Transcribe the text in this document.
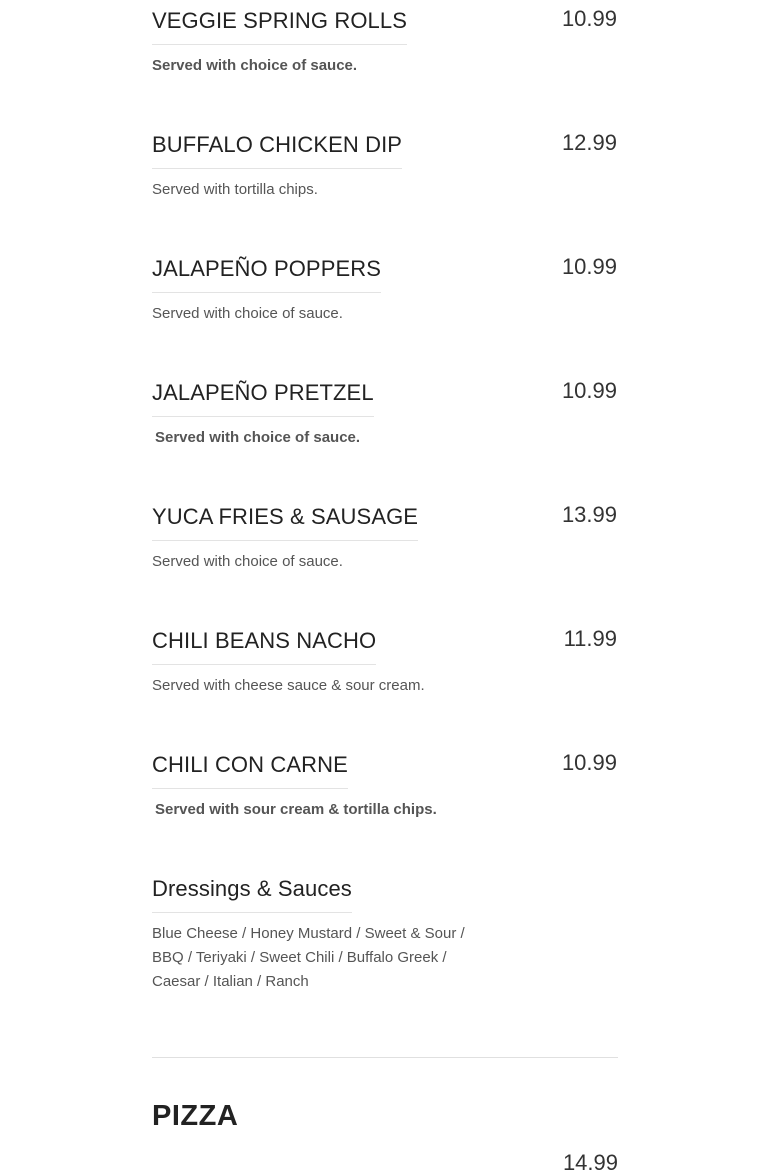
VEGGIE SPRING ROLLS	10.99
Served with choice of sauce.
BUFFALO CHICKEN DIP	12.99
Served with tortilla chips.
JALAPEÑO POPPERS	10.99
Served with choice of sauce.
JALAPEÑO PRETZEL	10.99
Served with choice of sauce.
YUCA FRIES & SAUSAGE	13.99
Served with choice of sauce.
CHILI BEANS NACHO	11.99
Served with cheese sauce & sour cream.
CHILI CON CARNE	10.99
Served with sour cream & tortilla chips.
Dressings & Sauces
Blue Cheese / Honey Mustard / Sweet & Sour / BBQ / Teriyaki / Sweet Chili / Buffalo Greek / Caesar / Italian / Ranch
PIZZA
14.99
